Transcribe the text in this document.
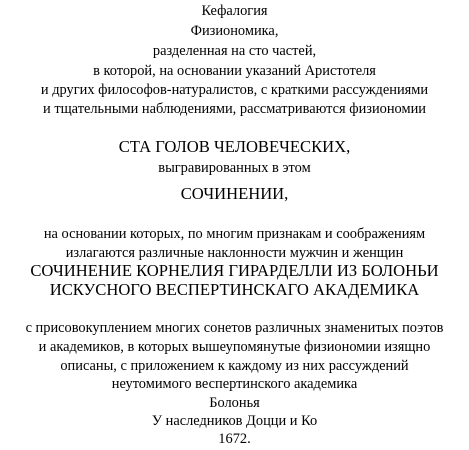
Кефалогия
Физиономика,
разделенная на сто частей,
в которой, на основании указаний Аристотеля
и других философов-натуралистов, с краткими рассуждениями
и тщательными наблюдениями, рассматриваются физиономии
СТА ГОЛОВ ЧЕЛОВЕЧЕСКИХ,
выгравированных в этом
СОЧИНЕНИИ,
на основании которых, по многим признакам и соображениям
излагаются различные наклонности мужчин и женщин
СОЧИНЕНИЕ КОРНЕЛИЯ ГИРАРДЕЛЛИ ИЗ БОЛОНЬИ
ИСКУСНОГО ВЕСПЕРТИНСКАГО АКАДЕМИКА
с присовокуплением многих сонетов различных знаменитых поэтов
и академиков, в которых вышеупомянутые физиономии изящно
описаны, с приложением к каждому из них рассуждений
неутомимого веспертинского академика
Болонья
У наследников Доцци и Ко
1672.
